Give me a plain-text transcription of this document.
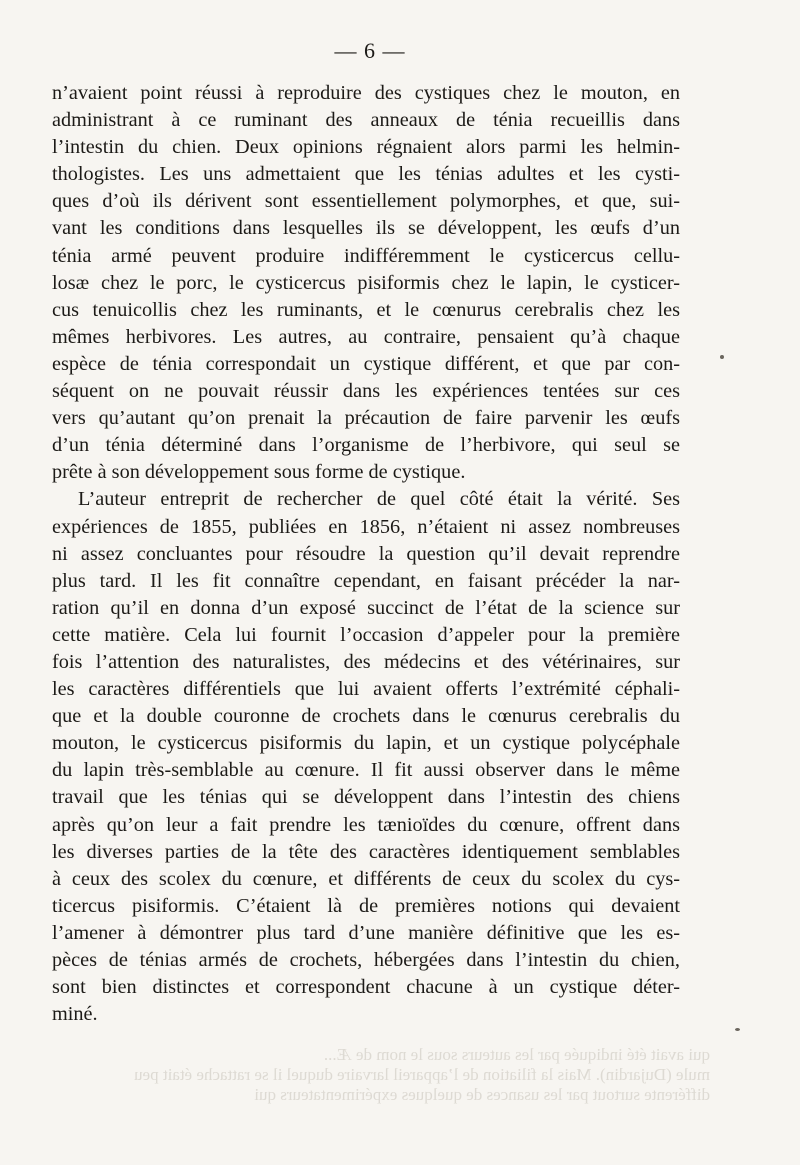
— 6 —
n’avaient point réussi à reproduire des cystiques chez le mouton, en
administrant à ce ruminant des anneaux de ténia recueillis dans
l’intestin du chien. Deux opinions régnaient alors parmi les helmin-
thologistes. Les uns admettaient que les ténias adultes et les cysti-
ques d’où ils dérivent sont essentiellement polymorphes, et que, sui-
vant les conditions dans lesquelles ils se développent, les œufs d’un
ténia armé peuvent produire indifféremment le cysticercus cellu-
losæ chez le porc, le cysticercus pisiformis chez le lapin, le cysticer-
cus tenuicollis chez les ruminants, et le cœnurus cerebralis chez les
mêmes herbivores. Les autres, au contraire, pensaient qu’à chaque
espèce de ténia correspondait un cystique différent, et que par con-
séquent on ne pouvait réussir dans les expériences tentées sur ces
vers qu’autant qu’on prenait la précaution de faire parvenir les œufs
d’un ténia déterminé dans l’organisme de l’herbivore, qui seul se
prête à son développement sous forme de cystique.
L’auteur entreprit de rechercher de quel côté était la vérité. Ses
expériences de 1855, publiées en 1856, n’étaient ni assez nombreuses
ni assez concluantes pour résoudre la question qu’il devait reprendre
plus tard. Il les fit connaître cependant, en faisant précéder la nar-
ration qu’il en donna d’un exposé succinct de l’état de la science sur
cette matière. Cela lui fournit l’occasion d’appeler pour la première
fois l’attention des naturalistes, des médecins et des vétérinaires, sur
les caractères différentiels que lui avaient offerts l’extrémité céphali-
que et la double couronne de crochets dans le cœnurus cerebralis du
mouton, le cysticercus pisiformis du lapin, et un cystique polycéphale
du lapin très-semblable au cœnure. Il fit aussi observer dans le même
travail que les ténias qui se développent dans l’intestin des chiens
après qu’on leur a fait prendre les tænioïdes du cœnure, offrent dans
les diverses parties de la tête des caractères identiquement semblables
à ceux des scolex du cœnure, et différents de ceux du scolex du cys-
ticercus pisiformis. C’étaient là de premières notions qui devaient
l’amener à démontrer plus tard d’une manière définitive que les es-
pèces de ténias armés de crochets, hébergées dans l’intestin du chien,
sont bien distinctes et correspondent chacune à un cystique déter-
miné.
qui avait été indiquée par les auteurs sous le nom de Æ...
mule (Dujardin). Mais la filiation de l’appareil larvaire duquel il se rattache était peu
différente surtout par les usances de quelques expérimentateurs qui
